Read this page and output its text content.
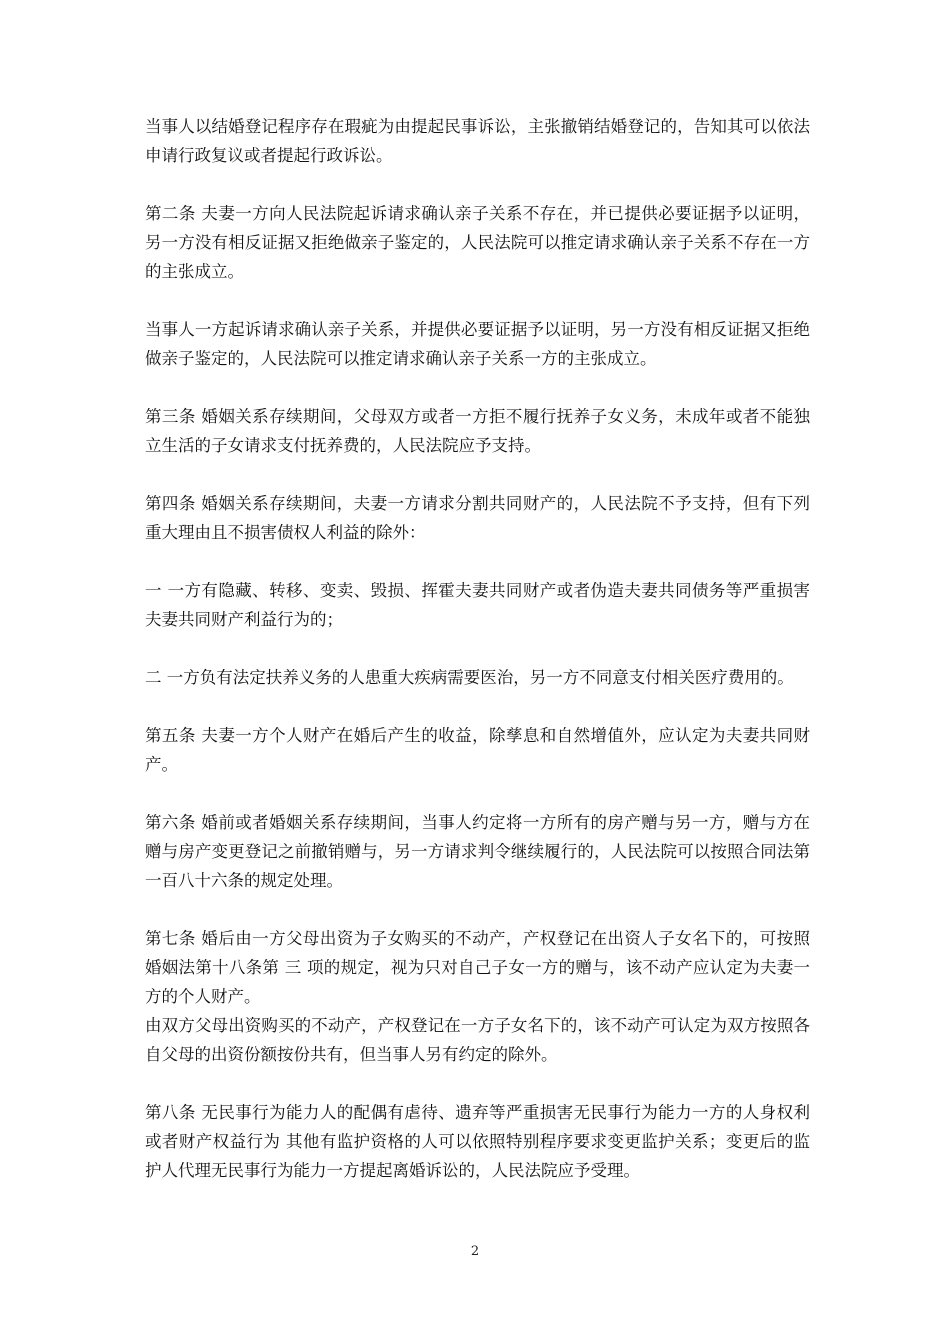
当事人以结婚登记程序存在瑕疵为由提起民事诉讼，主张撤销结婚登记的，告知其可以依法申请行政复议或者提起行政诉讼。

第二条 夫妻一方向人民法院起诉请求确认亲子关系不存在，并已提供必要证据予以证明，另一方没有相反证据又拒绝做亲子鉴定的，人民法院可以推定请求确认亲子关系不存在一方的主张成立。

当事人一方起诉请求确认亲子关系，并提供必要证据予以证明，另一方没有相反证据又拒绝做亲子鉴定的，人民法院可以推定请求确认亲子关系一方的主张成立。

第三条 婚姻关系存续期间，父母双方或者一方拒不履行抚养子女义务，未成年或者不能独立生活的子女请求支付抚养费的，人民法院应予支持。

第四条 婚姻关系存续期间，夫妻一方请求分割共同财产的，人民法院不予支持，但有下列重大理由且不损害债权人利益的除外：

一 一方有隐藏、转移、变卖、毁损、挥霍夫妻共同财产或者伪造夫妻共同债务等严重损害夫妻共同财产利益行为的；

二 一方负有法定扶养义务的人患重大疾病需要医治，另一方不同意支付相关医疗费用的。

第五条 夫妻一方个人财产在婚后产生的收益，除孳息和自然增值外，应认定为夫妻共同财产。

第六条 婚前或者婚姻关系存续期间，当事人约定将一方所有的房产赠与另一方，赠与方在赠与房产变更登记之前撤销赠与，另一方请求判令继续履行的，人民法院可以按照合同法第一百八十六条的规定处理。

第七条 婚后由一方父母出资为子女购买的不动产，产权登记在出资人子女名下的，可按照婚姻法第十八条第 三 项的规定，视为只对自己子女一方的赠与，该不动产应认定为夫妻一方的个人财产。

由双方父母出资购买的不动产，产权登记在一方子女名下的，该不动产可认定为双方按照各自父母的出资份额按份共有，但当事人另有约定的除外。

第八条 无民事行为能力人的配偶有虐待、遗弃等严重损害无民事行为能力一方的人身权利或者财产权益行为 其他有监护资格的人可以依照特别程序要求变更监护关系；变更后的监护人代理无民事行为能力一方提起离婚诉讼的，人民法院应予受理。

2
